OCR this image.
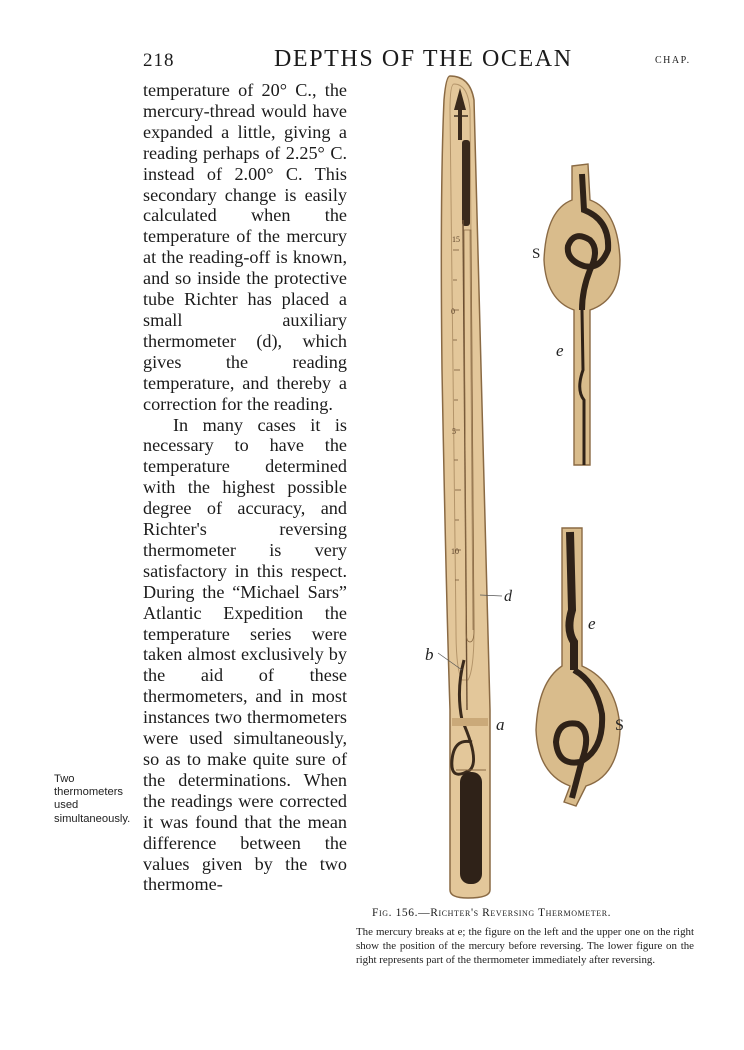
218	DEPTHS OF THE OCEAN	CHAP.

temperature of 20° C., the mercury-thread would have expanded a little, giving a reading perhaps of 2.25° C. instead of 2.00° C. This secondary change is easily calculated when the temperature of the mercury at the reading-off is known, and so inside the protective tube Richter has placed a small auxiliary thermometer (d), which gives the reading temperature, and thereby a correction for the reading.

In many cases it is necessary to have the temperature determined with the highest possible degree of accuracy, and Richter's reversing thermometer is very satisfactory in this respect. During the “Michael Sars” Atlantic Expedition the temperature series were taken almost exclusively by the aid of these thermometers, and in most instances two thermometers were used simultaneously, so as to make quite sure of the determinations. When the readings were corrected it was found that the mean difference between the values given by the two thermome-

Two thermometers used simultaneously.
0
5
10
15
d
b
a
S
e
e
S
Fig. 156.—Richter's Reversing Thermometer.
The mercury breaks at e; the figure on the left and the upper one on the right show the position of the mercury before reversing. The lower figure on the right represents part of the thermometer immediately after reversing.
